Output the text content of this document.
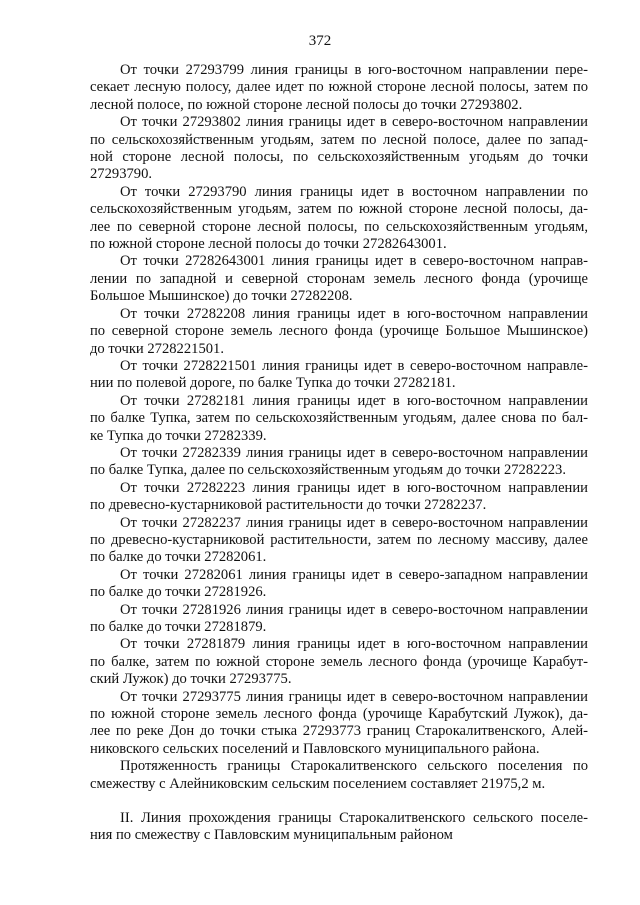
372
От точки 27293799 линия границы в юго-восточном направлении пере-
секает лесную полосу, далее идет по южной стороне лесной полосы, затем по
лесной полосе, по южной стороне лесной полосы до точки 27293802.
От точки 27293802 линия границы идет в северо-восточном направлении
по сельскохозяйственным угодьям, затем по лесной полосе, далее по запад-
ной стороне лесной полосы, по сельскохозяйственным угодьям до точки
27293790.
От точки 27293790 линия границы идет в восточном направлении по
сельскохозяйственным угодьям, затем по южной стороне лесной полосы, да-
лее по северной стороне лесной полосы, по сельскохозяйственным угодьям,
по южной стороне лесной полосы до точки 27282643001.
От точки 27282643001 линия границы идет в северо-восточном направ-
лении по западной и северной сторонам земель лесного фонда (урочище
Большое Мышинское) до точки 27282208.
От точки 27282208 линия границы идет в юго-восточном направлении
по северной стороне земель лесного фонда (урочище Большое Мышинское)
до точки 2728221501.
От точки 2728221501 линия границы идет в северо-восточном направле-
нии по полевой дороге, по балке Тупка до точки 27282181.
От точки 27282181 линия границы идет в юго-восточном направлении
по балке Тупка, затем по сельскохозяйственным угодьям, далее снова по бал-
ке Тупка до точки 27282339.
От точки 27282339 линия границы идет в северо-восточном направлении
по балке Тупка, далее по сельскохозяйственным угодьям до точки 27282223.
От точки 27282223 линия границы идет в юго-восточном направлении
по древесно-кустарниковой растительности до точки 27282237.
От точки 27282237 линия границы идет в северо-восточном направлении
по древесно-кустарниковой растительности, затем по лесному массиву, далее
по балке до точки 27282061.
От точки 27282061 линия границы идет в северо-западном направлении
по балке до точки 27281926.
От точки 27281926 линия границы идет в северо-восточном направлении
по балке до точки 27281879.
От точки 27281879 линия границы идет в юго-восточном направлении
по балке, затем по южной стороне земель лесного фонда (урочище Карабут-
ский Лужок) до точки 27293775.
От точки 27293775 линия границы идет в северо-восточном направлении
по южной стороне земель лесного фонда (урочище Карабутский Лужок), да-
лее по реке Дон до точки стыка 27293773 границ Старокалитвенского, Алей-
никовского сельских поселений и Павловского муниципального района.
Протяженность границы Старокалитвенского сельского поселения по
смежеству с Алейниковским сельским поселением составляет 21975,2 м.
II. Линия прохождения границы Старокалитвенского сельского поселе-
ния по смежеству с Павловским муниципальным районом
